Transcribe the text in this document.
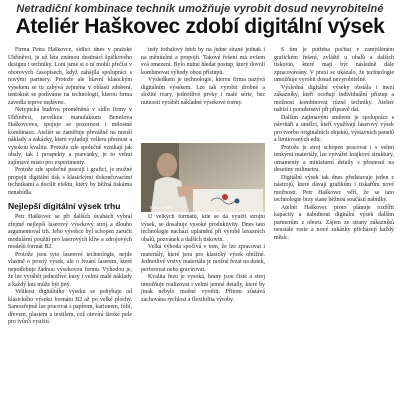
Netradiční kombinace technik umožňuje vyrobit dosud nevyrobitelné
Ateliér Haškovec zdobí digitální výsek

Firmu Petra Haškovce, sídlící dnes v pražské Uhříněvsi, je už léta známou destinací špičkového designu i techniky. Loni jsme si o ní mohli přečíst v oborových časopisech, když zahájila spolupráci s novými partnery. Protože ale hlavní klasickým výsekem se tu zabývá zejména v oblasti zdobení, tentokrát se podíváme na technologii, kterou firma zavedla teprve nedávno.

Netypická budova proměněná v sídlo firmy v Uhříněvsi, nevelkou manufakturu Benešova Haškovcova, spojuje se pozornost i milostné kombinace. Ateliér se zaměřuje převážně na menší náklady a zakázky, které vyžadují velkou přesnost a vysokou kvalitu. Protože zde společně vznikají jak obaly, tak i prospekty a pozvánky, je to velmi zajímavé místo pro experimenty.

Protože zde společně pracují i grafici, je možné propojit digitální tisk s klasickými dokončovacími technikami a docílit efektu, který by běžná tiskárna nenabídla.

Nejlepší digitální výsek trhu

Petr Haškovec se při dalších úvahách vybral zřejmě nejlepší laserový výsekový stroj a dlouho argumentoval trh. Jeho výrobce byl schopen zaručit modulární použití pro laserových kliw a zdrojových modelů formát B2.

Protože jsou tyto laserové technologie, nejde vlastně o prostý výsek, ale o řezání laserem, které nepotřebuje žádnou výsekovou formu. Výhodou je, že lze vyrábět jednotlivé kusy i velmi malé náklady a každý kus může být jiný.

Velikost digitálního výseku se pohybuje od klasického výseku formátu B2 až po velké plochy. Samozřejmě lze pracovat s papírem, kartonem, fólií, dřevem, plastem a textilem, což otevírá široké pole pro tvůrčí využití.

tedy fotbalový hřeb by na jedné straně jednak i na měnitelné a propojit. Takové řešení má ovšem svá omezení. Bylo nutné hledat postup, který dovolí kombinovat výhody obou přístupů.

Výsledkem je technologie, kterou firma nazývá digitálním výsekem. Lze tak vyrobit drobné a složité tvary, jednotlivé prvky i malé série, bez nutnosti vyrábět nákladné výsekové formy.

Foto: autor

U velkých formátů, kde se dá využít strojní výsek, se dosahuje vysoké produktivity. Dnes tato technologie nachází uplatnění při výrobě luxusních obalů, pozvánek a dalších tiskovin.

Velká výhoda spočívá v tom, že lze zpracovat i materiály, které jsou pro klasický výsek obtížné. Jednotlivé vrstvy materiálu je možné řezat na dotek, perforovat nebo gravírovat.

Kvalita řezu je vysoká, hrany jsou čisté a stroj umožňuje realizovat i velmi jemné detaily, které by jinak nebylo možné vyrobit. Přitom zůstává zachována rychlost a flexibilita výroby.

S tím je potřeba počítat v zamýšleném grafickém řešení, zvláště u obalů a dalších tiskovin, které mají být následně dále zpracovávány. V praxi se ukázalo, že technologie umožňuje vyrobit dosud nevyrobitelné.

Výsledná digitální výseky obstála i mezi zákazníky, kteří oceňují individuální přístup a možnost kombinovat různé techniky. Ateliér nabízí i poradenství při přípravě dat.

Dalším zajímavým směrem je spolupráce s návrháři a umělci, kteří využívají laserový výsek pro tvorbu originálních objektů, výstavních panelů a limitovaných edic.

Protože je stroj schopen pracovat i s velmi tenkými materiály, lze vytvářet krajkové struktury, ornamenty a miniaturní detaily s přesností na desetiny milimetru.

Digitální výsek tak dnes představuje jeden z nástrojů, které dávají grafikům i tiskařům nové možnosti. Petr Haškovec věří, že se tato technologie brzy stane běžnou součástí nabídky.

Ateliér Haškovec proto plánuje rozšířit kapacity a nabídnout digitální výsek dalším partnerům z oboru. Zájem ze strany zákazníků neustále roste a nové zakázky přicházejí každý měsíc.
